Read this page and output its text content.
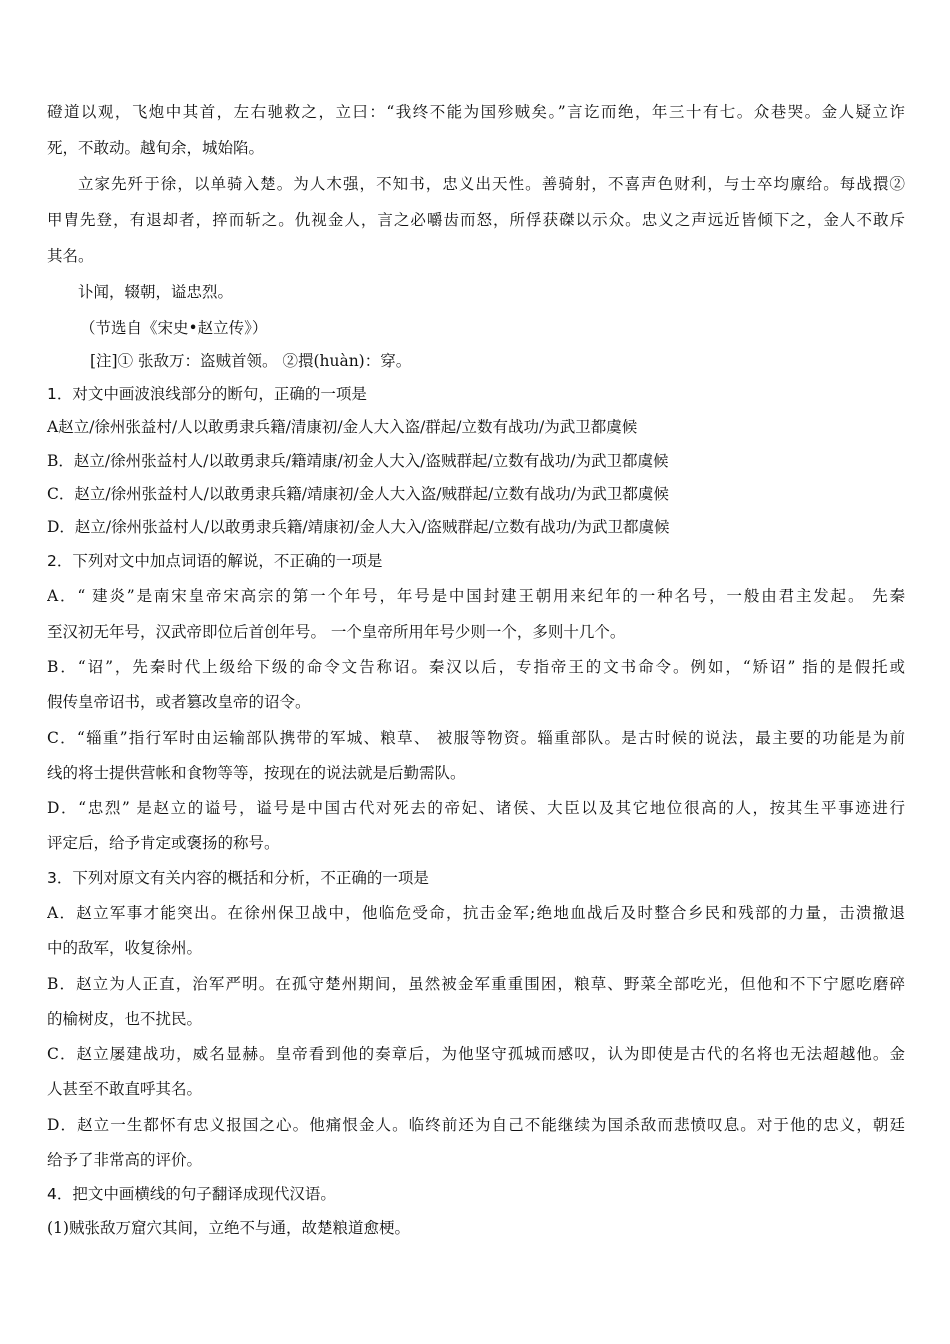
磴道以观，飞炮中其首，左右驰救之，立曰：“我终不能为国殄贼矣。”言讫而绝，年三十有七。众巷哭。金人疑立诈
死，不敢动。越旬余，城始陷。
立家先歼于徐，以单骑入楚。为人木强，不知书，忠义出天性。善骑射，不喜声色财利，与士卒均廪给。每战擐②
甲胄先登，有退却者，捽而斩之。仇视金人，言之必嚼齿而怒，所俘获磔以示众。忠义之声远近皆倾下之，金人不敢斥
其名。
讣闻，辍朝，谥忠烈。
（节选自《宋史•赵立传》）
[注]① 张敌万：盗贼首领。 ②擐(huàn)：穿。
1．对文中画波浪线部分的断句，正确的一项是
A赵立/徐州张益村/人以敢勇隶兵籍/清康初/金人大入盗/群起/立数有战功/为武卫都虞候
B．赵立/徐州张益村人/以敢勇隶兵/籍靖康/初金人大入/盗贼群起/立数有战功/为武卫都虞候
C．赵立/徐州张益村人/以敢勇隶兵籍/靖康初/金人大入盗/贼群起/立数有战功/为武卫都虞候
D．赵立/徐州张益村人/以敢勇隶兵籍/靖康初/金人大入/盗贼群起/立数有战功/为武卫都虞候
2．下列对文中加点词语的解说，不正确的一项是
A．“ 建炎”是南宋皇帝宋高宗的第一个年号，年号是中国封建王朝用来纪年的一种名号，一般由君主发起。 先秦
至汉初无年号，汉武帝即位后首创年号。 一个皇帝所用年号少则一个，多则十几个。
B．“诏”，先秦时代上级给下级的命令文告称诏。秦汉以后，专指帝王的文书命令。例如，“矫诏” 指的是假托或
假传皇帝诏书，或者篡改皇帝的诏令。
C．“辎重”指行军时由运输部队携带的军城、粮草、 被服等物资。辎重部队。是古时候的说法，最主要的功能是为前
线的将士提供营帐和食物等等，按现在的说法就是后勤需队。
D．“忠烈” 是赵立的谥号，谥号是中国古代对死去的帝妃、诸侯、大臣以及其它地位很高的人，按其生平事迹进行
评定后，给予肯定或褒扬的称号。
3．下列对原文有关内容的概括和分析，不正确的一项是
A．赵立军事才能突出。在徐州保卫战中，他临危受命，抗击金军;绝地血战后及时整合乡民和残部的力量，击溃撤退
中的敌军，收复徐州。
B．赵立为人正直，治军严明。在孤守楚州期间，虽然被金军重重围困，粮草、野菜全部吃光，但他和不下宁愿吃磨碎
的榆树皮，也不扰民。
C．赵立屡建战功，威名显赫。皇帝看到他的奏章后，为他坚守孤城而感叹，认为即使是古代的名将也无法超越他。金
人甚至不敢直呼其名。
D．赵立一生都怀有忠义报国之心。他痛恨金人。临终前还为自己不能继续为国杀敌而悲愤叹息。对于他的忠义，朝廷
给予了非常高的评价。
4．把文中画横线的句子翻译成现代汉语。
(1)贼张敌万窟穴其间，立绝不与通，故楚粮道愈梗。
